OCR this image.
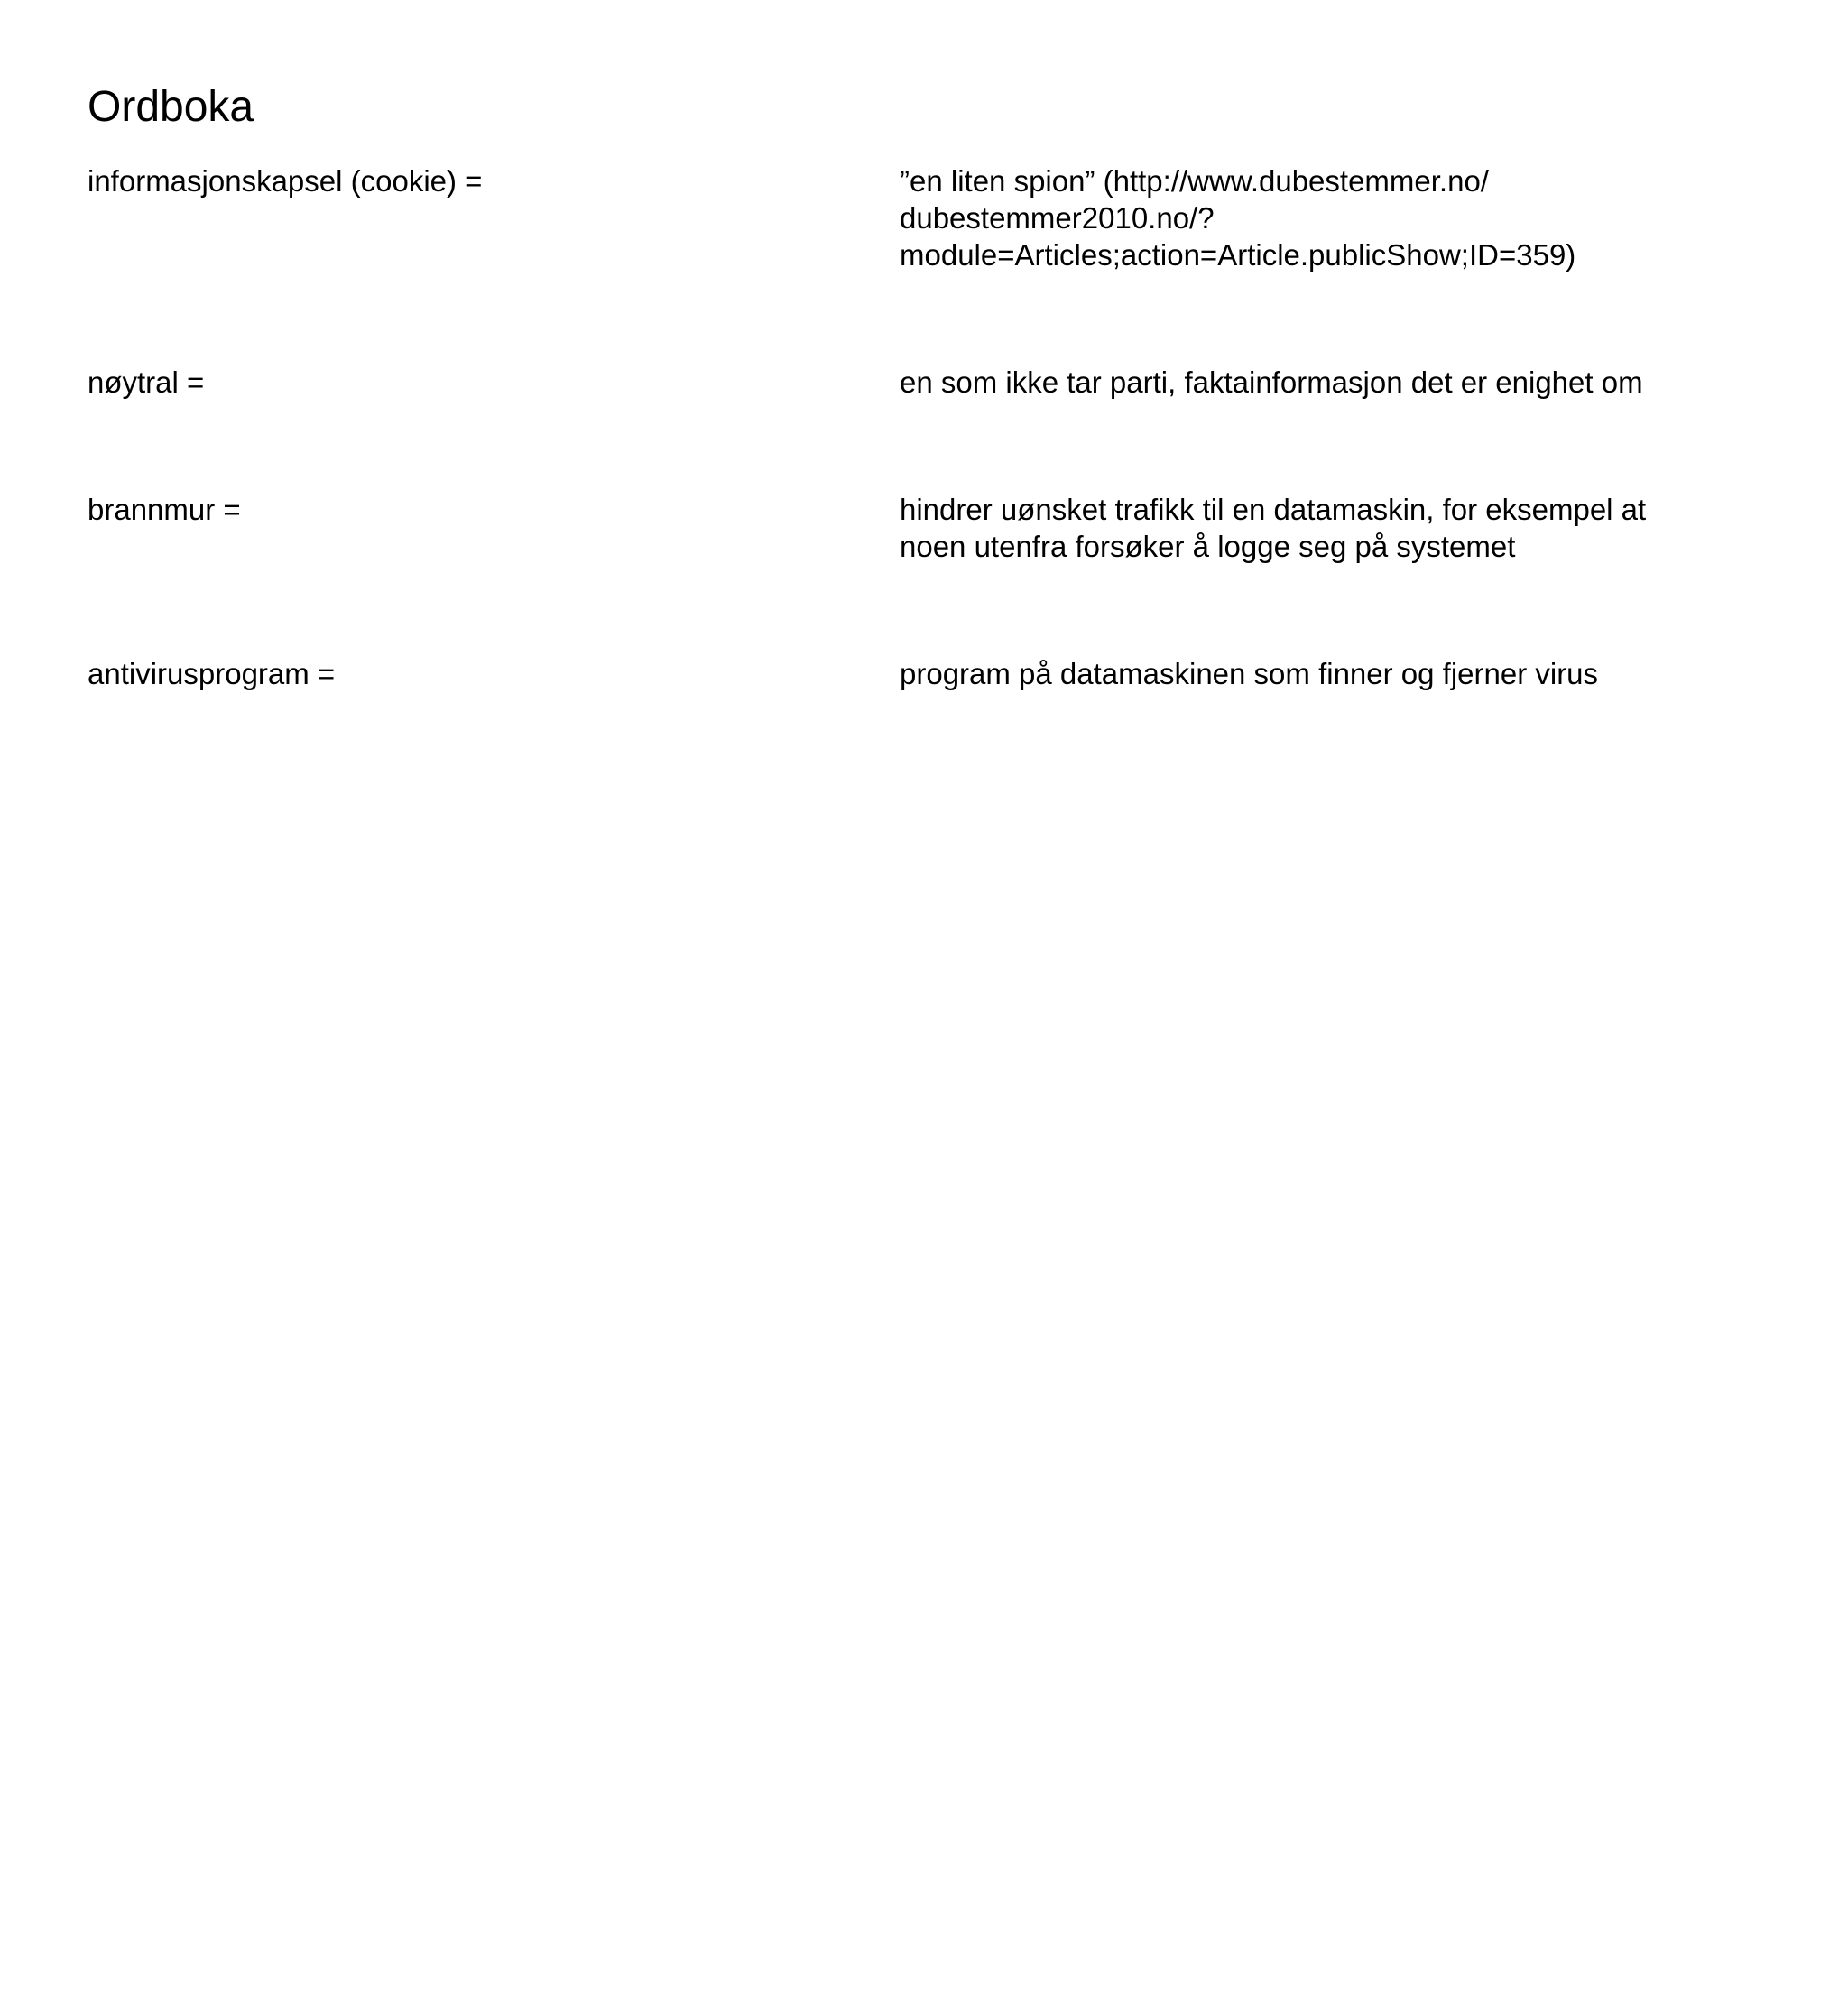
Ordboka
informasjonskapsel (cookie) =	”en liten spion” (http://www.dubestemmer.no/
dubestemmer2010.no/?
module=Articles;action=Article.publicShow;ID=359)
nøytral =	en som ikke tar parti, faktainformasjon det er enighet om
brannmur =	hindrer uønsket trafikk til en datamaskin, for eksempel at
noen utenfra forsøker å logge seg på systemet
antivirusprogram =	program på datamaskinen som finner og fjerner virus
